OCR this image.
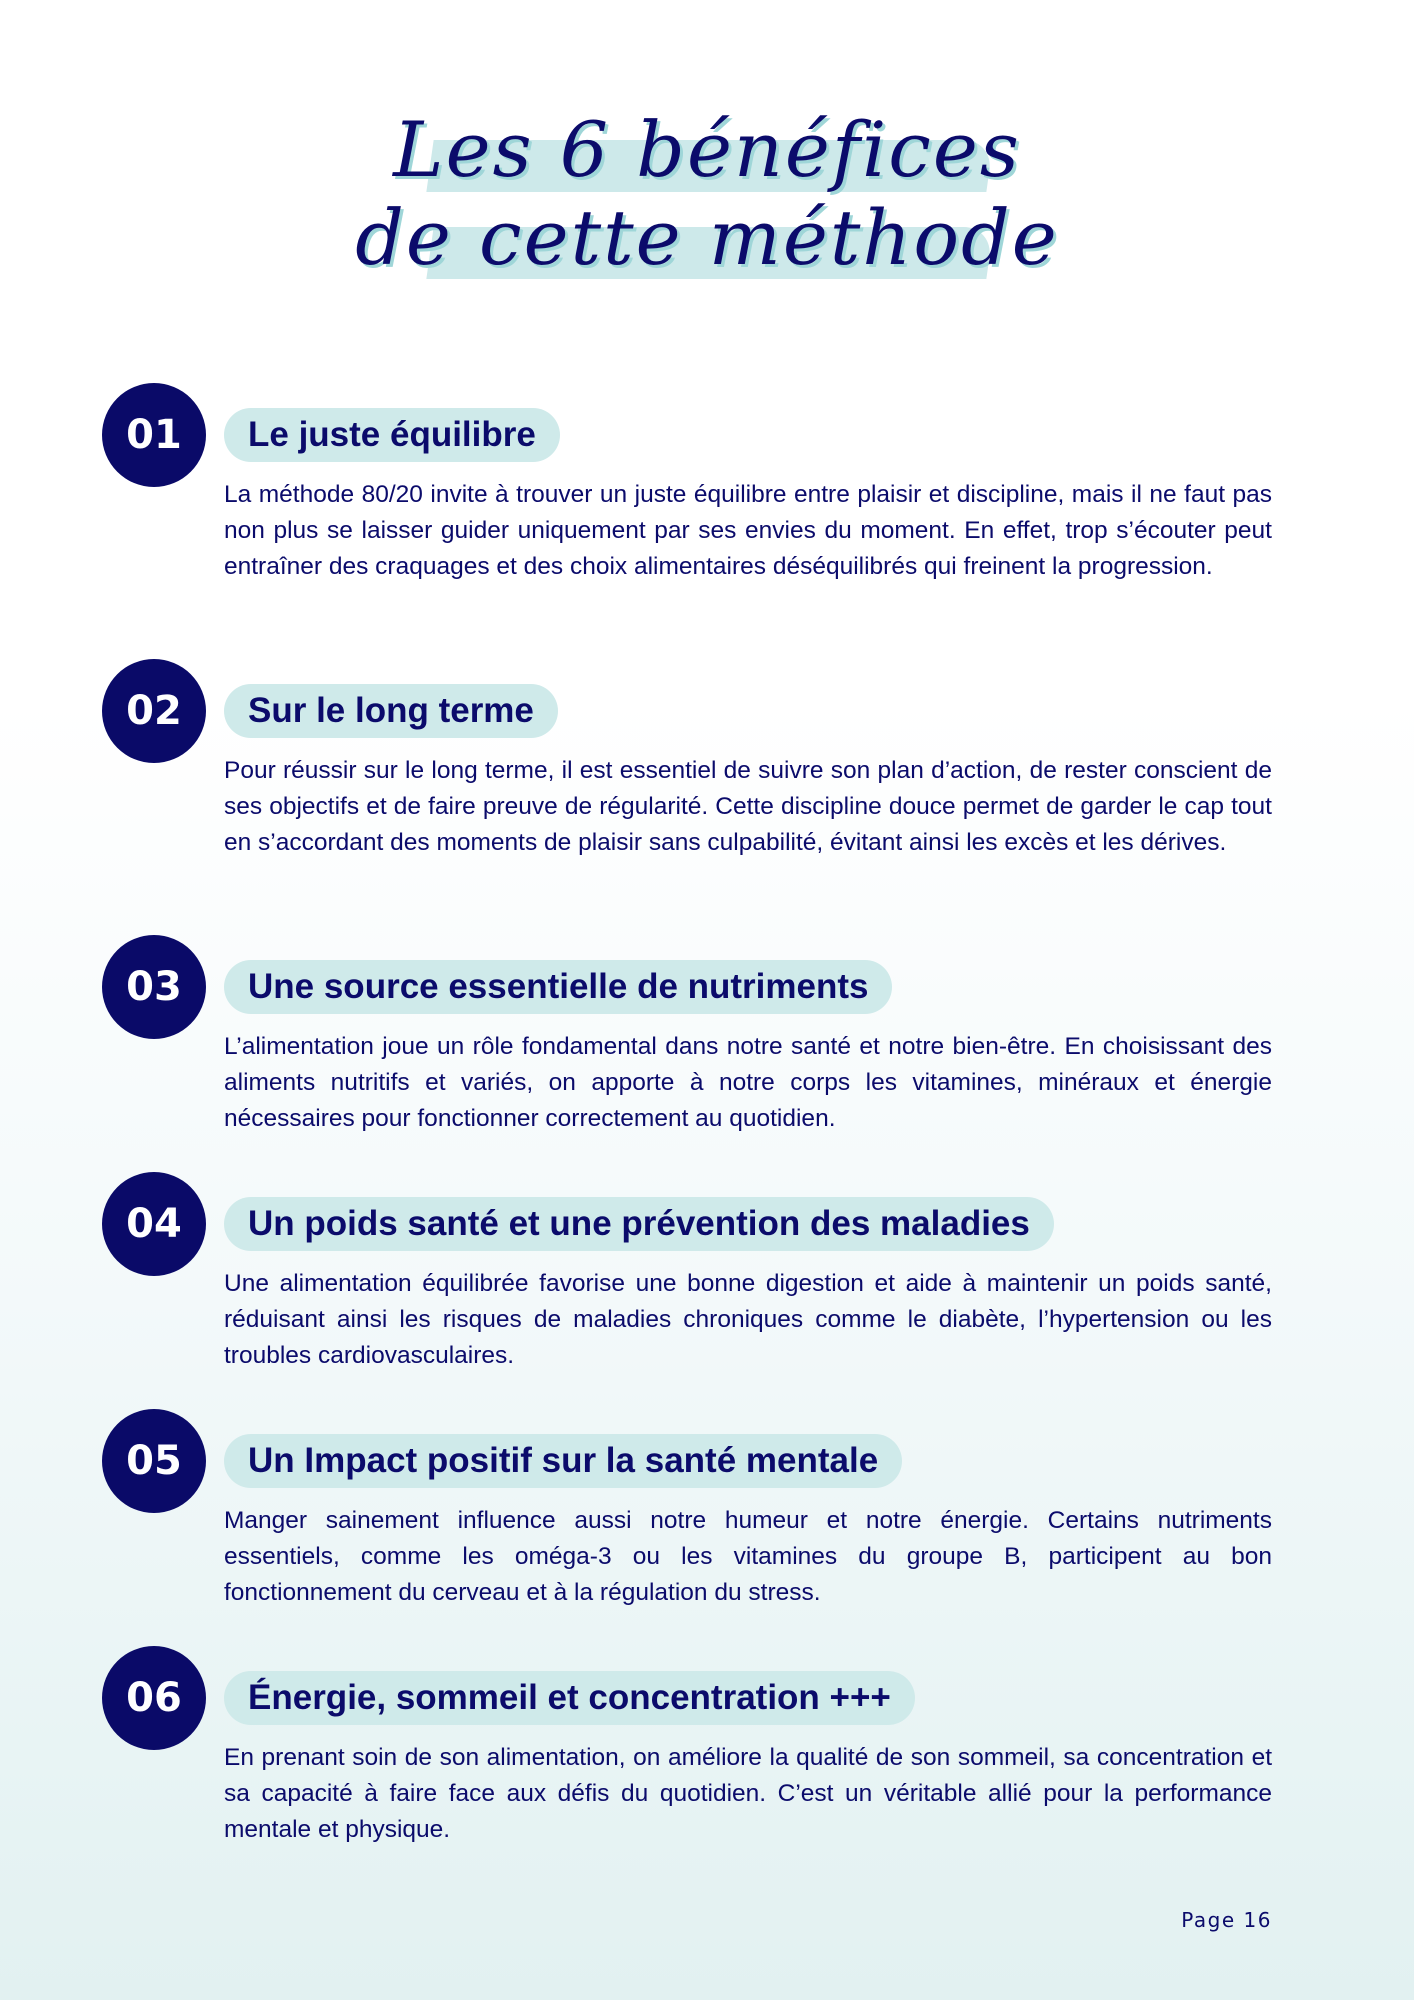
Les 6 bénéfices
de cette méthode
01	Le juste équilibre
La méthode 80/20 invite à trouver un juste équilibre entre plaisir et discipline, mais il ne faut pas non plus se laisser guider uniquement par ses envies du moment. En effet, trop s’écouter peut entraîner des craquages et des choix alimentaires déséquilibrés qui freinent la progression.
02	Sur le long terme
Pour réussir sur le long terme, il est essentiel de suivre son plan d’action, de rester conscient de ses objectifs et de faire preuve de régularité. Cette discipline douce permet de garder le cap tout en s’accordant des moments de plaisir sans culpabilité, évitant ainsi les excès et les dérives.
03	Une source essentielle de nutriments
L’alimentation joue un rôle fondamental dans notre santé et notre bien-être. En choisissant des aliments nutritifs et variés, on apporte à notre corps les vitamines, minéraux et énergie nécessaires pour fonctionner correctement au quotidien.
04	Un poids santé et une prévention des maladies
Une alimentation équilibrée favorise une bonne digestion et aide à maintenir un poids santé, réduisant ainsi les risques de maladies chroniques comme le diabète, l’hypertension ou les troubles cardiovasculaires.
05	Un Impact positif sur la santé mentale
Manger sainement influence aussi notre humeur et notre énergie. Certains nutriments essentiels, comme les oméga-3 ou les vitamines du groupe B, participent au bon fonctionnement du cerveau et à la régulation du stress.
06	Énergie, sommeil et concentration +++
En prenant soin de son alimentation, on améliore la qualité de son sommeil, sa concentration et sa capacité à faire face aux défis du quotidien. C’est un véritable allié pour la performance mentale et physique.
Page 16
